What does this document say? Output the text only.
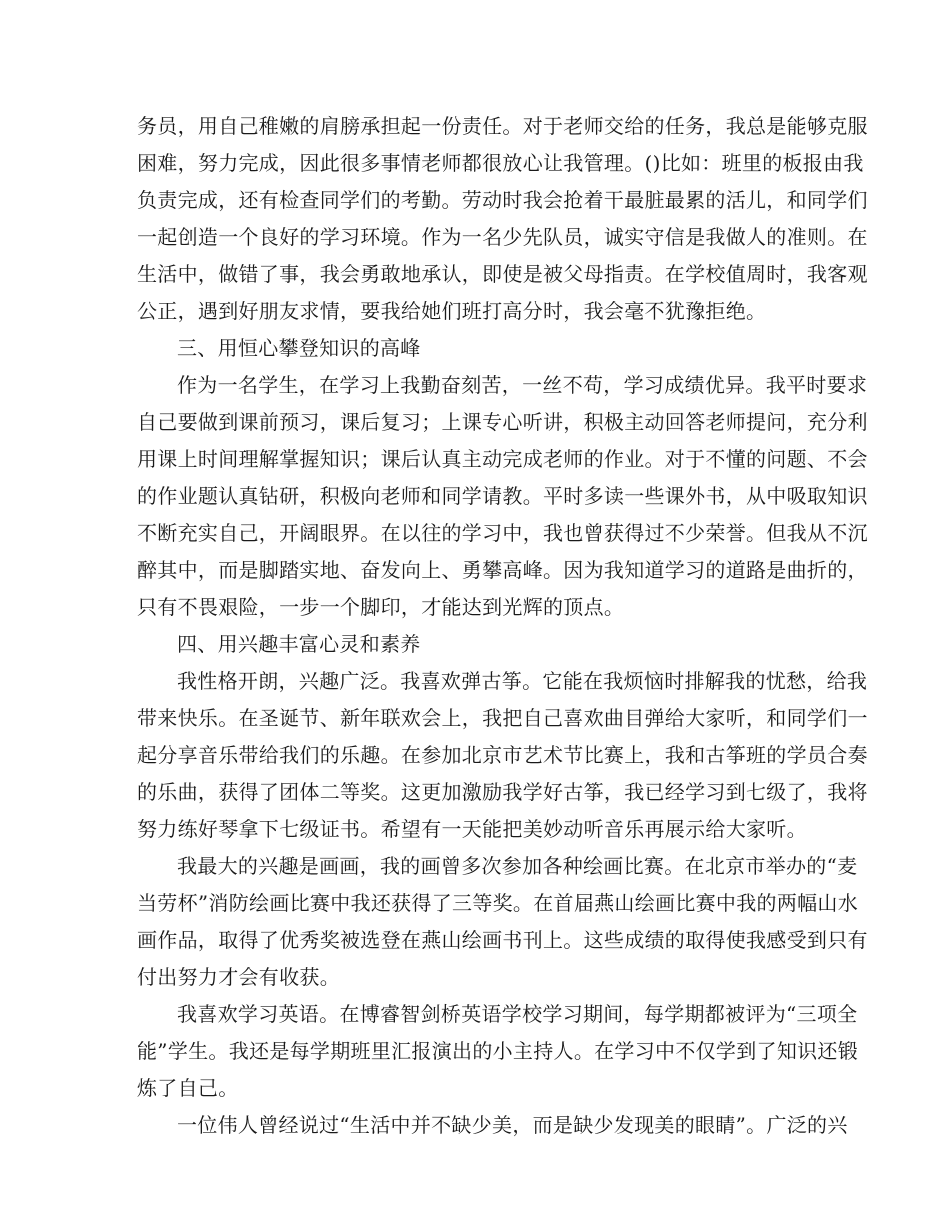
务员，用自己稚嫩的肩膀承担起一份责任。对于老师交给的任务，我总是能够克服
困难，努力完成，因此很多事情老师都很放心让我管理。()比如：班里的板报由我
负责完成，还有检查同学们的考勤。劳动时我会抢着干最脏最累的活儿，和同学们
一起创造一个良好的学习环境。作为一名少先队员，诚实守信是我做人的准则。在
生活中，做错了事，我会勇敢地承认，即使是被父母指责。在学校值周时，我客观
公正，遇到好朋友求情，要我给她们班打高分时，我会毫不犹豫拒绝。
三、用恒心攀登知识的高峰
作为一名学生，在学习上我勤奋刻苦，一丝不苟，学习成绩优异。我平时要求
自己要做到课前预习，课后复习；上课专心听讲，积极主动回答老师提问，充分利
用课上时间理解掌握知识；课后认真主动完成老师的作业。对于不懂的问题、不会
的作业题认真钻研，积极向老师和同学请教。平时多读一些课外书，从中吸取知识
不断充实自己，开阔眼界。在以往的学习中，我也曾获得过不少荣誉。但我从不沉
醉其中，而是脚踏实地、奋发向上、勇攀高峰。因为我知道学习的道路是曲折的，
只有不畏艰险，一步一个脚印，才能达到光辉的顶点。
四、用兴趣丰富心灵和素养
我性格开朗，兴趣广泛。我喜欢弹古筝。它能在我烦恼时排解我的忧愁，给我
带来快乐。在圣诞节、新年联欢会上，我把自己喜欢曲目弹给大家听，和同学们一
起分享音乐带给我们的乐趣。在参加北京市艺术节比赛上，我和古筝班的学员合奏
的乐曲，获得了团体二等奖。这更加激励我学好古筝，我已经学习到七级了，我将
努力练好琴拿下七级证书。希望有一天能把美妙动听音乐再展示给大家听。
我最大的兴趣是画画，我的画曾多次参加各种绘画比赛。在北京市举办的“麦
当劳杯”消防绘画比赛中我还获得了三等奖。在首届燕山绘画比赛中我的两幅山水
画作品，取得了优秀奖被选登在燕山绘画书刊上。这些成绩的取得使我感受到只有
付出努力才会有收获。
我喜欢学习英语。在博睿智剑桥英语学校学习期间，每学期都被评为“三项全
能”学生。我还是每学期班里汇报演出的小主持人。在学习中不仅学到了知识还锻
炼了自己。
一位伟人曾经说过“生活中并不缺少美，而是缺少发现美的眼睛”。广泛的兴
